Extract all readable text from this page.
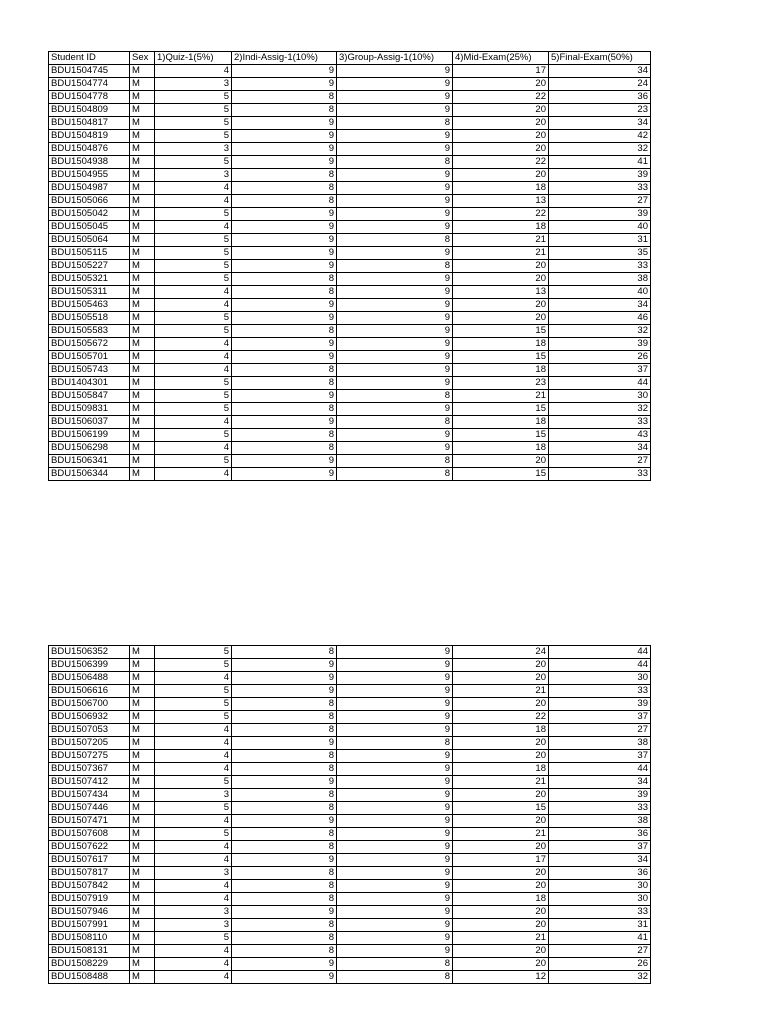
Student ID	Sex	1)Quiz-1(5%)	2)Indi-Assig-1(10%)	3)Group-Assig-1(10%)	4)Mid-Exam(25%)	5)Final-Exam(50%)
BDU1504745	M	4	9	9	17	34
BDU1504774	M	3	9	9	20	24
BDU1504778	M	5	8	9	22	36
BDU1504809	M	5	8	9	20	23
BDU1504817	M	5	9	8	20	34
BDU1504819	M	5	9	9	20	42
BDU1504876	M	3	9	9	20	32
BDU1504938	M	5	9	8	22	41
BDU1504955	M	3	8	9	20	39
BDU1504987	M	4	8	9	18	33
BDU1505066	M	4	8	9	13	27
BDU1505042	M	5	9	9	22	39
BDU1505045	M	4	9	9	18	40
BDU1505064	M	5	9	8	21	31
BDU1505115	M	5	9	9	21	35
BDU1505227	M	5	9	8	20	33
BDU1505321	M	5	8	9	20	38
BDU1505311	M	4	8	9	13	40
BDU1505463	M	4	9	9	20	34
BDU1505518	M	5	9	9	20	46
BDU1505583	M	5	8	9	15	32
BDU1505672	M	4	9	9	18	39
BDU1505701	M	4	9	9	15	26
BDU1505743	M	4	8	9	18	37
BDU1404301	M	5	8	9	23	44
BDU1505847	M	5	9	8	21	30
BDU1509831	M	5	8	9	15	32
BDU1506037	M	4	9	8	18	33
BDU1506199	M	5	8	9	15	43
BDU1506298	M	4	8	9	18	34
BDU1506341	M	5	9	8	20	27
BDU1506344	M	4	9	8	15	33
BDU1506352	M	5	8	9	24	44
BDU1506399	M	5	9	9	20	44
BDU1506488	M	4	9	9	20	30
BDU1506616	M	5	9	9	21	33
BDU1506700	M	5	8	9	20	39
BDU1506932	M	5	8	9	22	37
BDU1507053	M	4	8	9	18	27
BDU1507205	M	4	9	8	20	38
BDU1507275	M	4	8	9	20	37
BDU1507367	M	4	8	9	18	44
BDU1507412	M	5	9	9	21	34
BDU1507434	M	3	8	9	20	39
BDU1507446	M	5	8	9	15	33
BDU1507471	M	4	9	9	20	38
BDU1507608	M	5	8	9	21	36
BDU1507622	M	4	8	9	20	37
BDU1507617	M	4	9	9	17	34
BDU1507817	M	3	8	9	20	36
BDU1507842	M	4	8	9	20	30
BDU1507919	M	4	8	9	18	30
BDU1507946	M	3	9	9	20	33
BDU1507991	M	3	8	9	20	31
BDU1508110	M	5	8	9	21	41
BDU1508131	M	4	8	9	20	27
BDU1508229	M	4	9	8	20	26
BDU1508488	M	4	9	8	12	32
